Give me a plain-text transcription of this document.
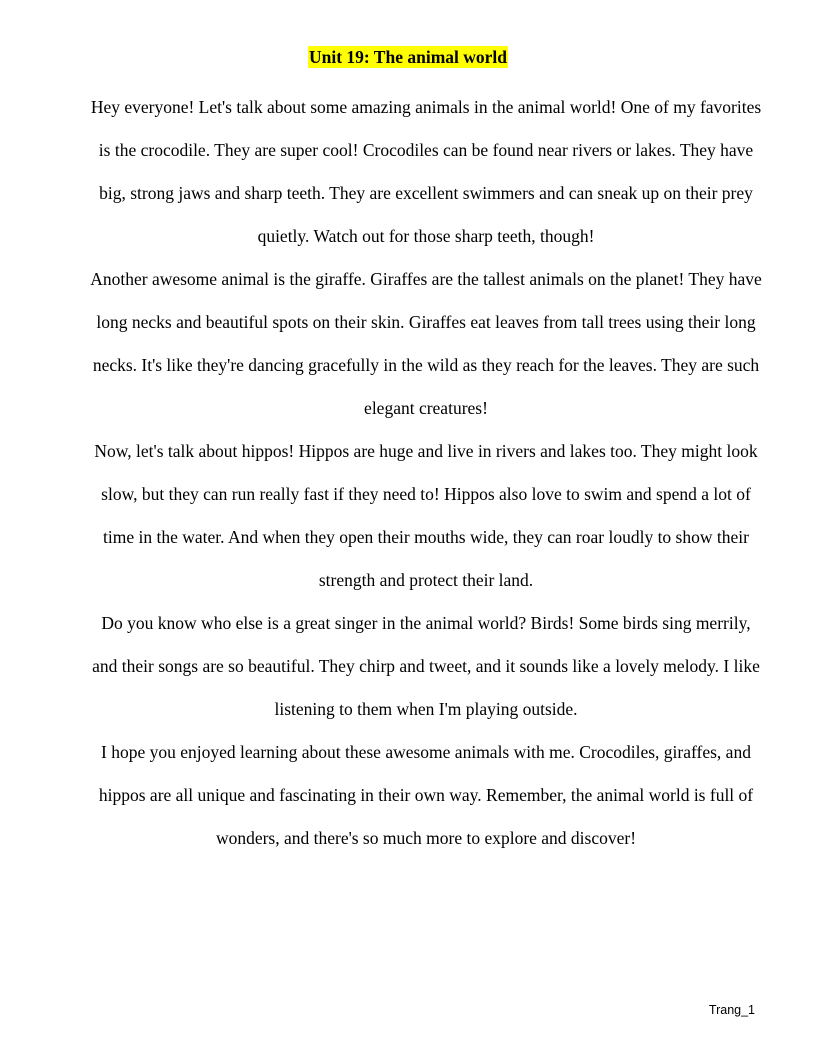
Unit 19: The animal world

Hey everyone! Let's talk about some amazing animals in the animal world! One of my favorites is the crocodile. They are super cool! Crocodiles can be found near rivers or lakes. They have big, strong jaws and sharp teeth. They are excellent swimmers and can sneak up on their prey quietly. Watch out for those sharp teeth, though!

Another awesome animal is the giraffe. Giraffes are the tallest animals on the planet! They have long necks and beautiful spots on their skin. Giraffes eat leaves from tall trees using their long necks. It's like they're dancing gracefully in the wild as they reach for the leaves. They are such elegant creatures!

Now, let's talk about hippos! Hippos are huge and live in rivers and lakes too. They might look slow, but they can run really fast if they need to! Hippos also love to swim and spend a lot of time in the water. And when they open their mouths wide, they can roar loudly to show their strength and protect their land.

Do you know who else is a great singer in the animal world? Birds! Some birds sing merrily, and their songs are so beautiful. They chirp and tweet, and it sounds like a lovely melody. I like listening to them when I'm playing outside.

I hope you enjoyed learning about these awesome animals with me. Crocodiles, giraffes, and hippos are all unique and fascinating in their own way. Remember, the animal world is full of wonders, and there's so much more to explore and discover!

Trang_1
